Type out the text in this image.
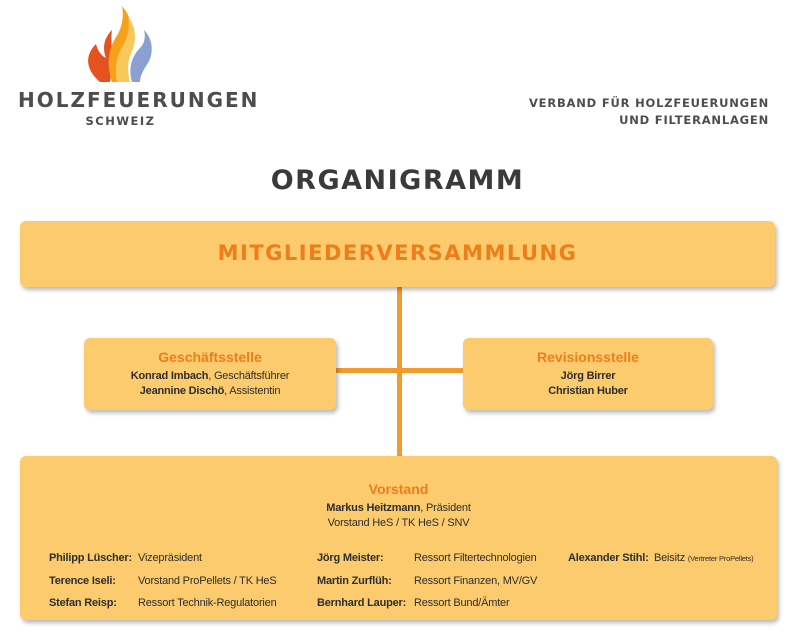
HOLZFEUERUNGEN
SCHWEIZ
VERBAND FÜR HOLZFEUERUNGEN
UND FILTERANLAGEN
ORGANIGRAMM
MITGLIEDERVERSAMMLUNG
Geschäftsstelle
Konrad Imbach, Geschäftsführer
Jeannine Dischö, Assistentin
Revisionsstelle
Jörg Birrer
Christian Huber
Vorstand
Markus Heitzmann, Präsident
Vorstand HeS / TK HeS / SNV
Philipp Lüscher: Vizepräsident
Terence Iseli: Vorstand ProPellets / TK HeS
Stefan Reisp: Ressort Technik-Regulatorien
Jörg Meister:	Ressort Filtertechnologien
Martin Zurflüh: Ressort Finanzen, MV/GV
Bernhard Lauper: Ressort Bund/Ämter
Alexander Stihl: Beisitz (Vertreter ProPellets)
